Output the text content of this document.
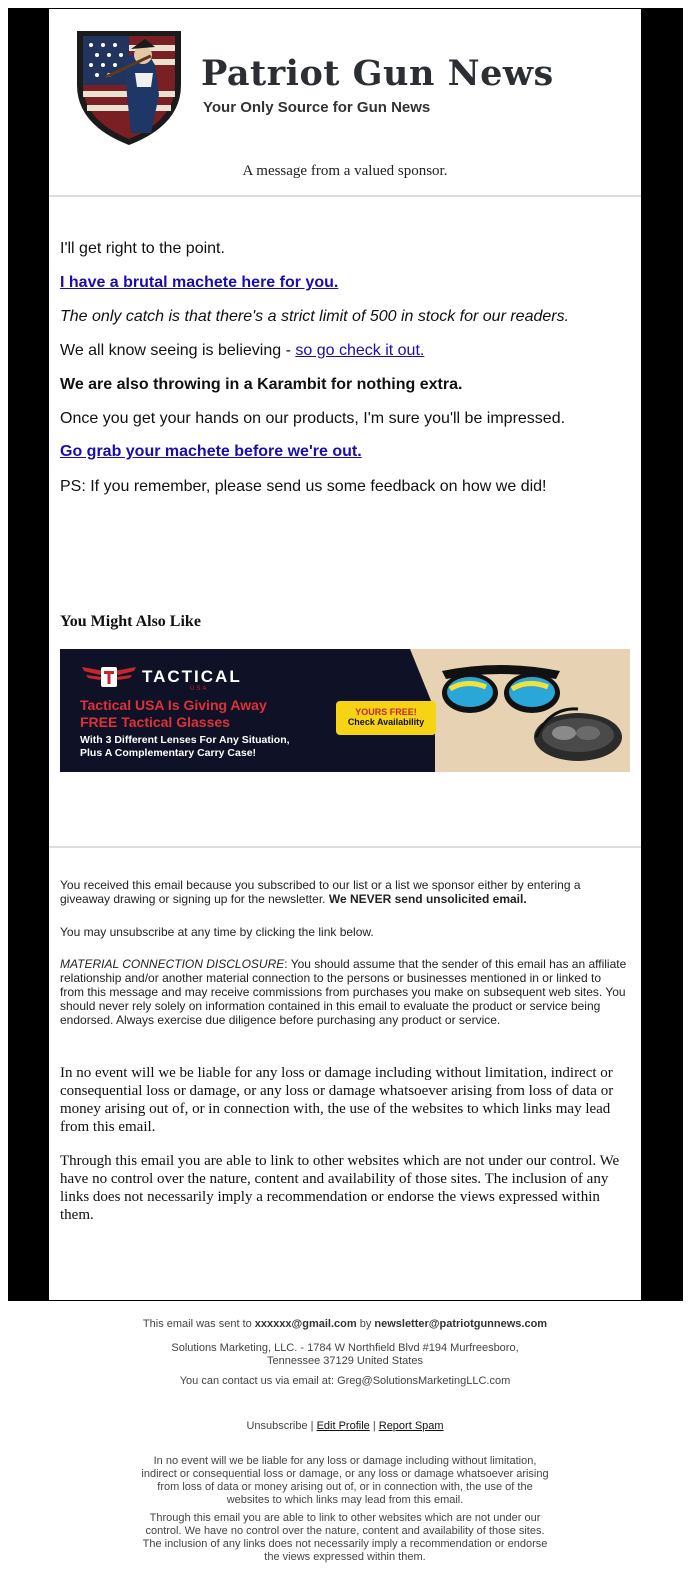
Patriot Gun News
Your Only Source for Gun News
A message from a valued sponsor.
I'll get right to the point.
I have a brutal machete here for you.
The only catch is that there's a strict limit of 500 in stock for our readers.
We all know seeing is believing - so go check it out.
We are also throwing in a Karambit for nothing extra.
Once you get your hands on our products, I'm sure you'll be impressed.
Go grab your machete before we're out.
PS: If you remember, please send us some feedback on how we did!
You Might Also Like
TACTICAL
USA
Tactical USA Is Giving Away
FREE Tactical Glasses
With 3 Different Lenses For Any Situation,
Plus A Complementary Carry Case!
YOURS FREE!
Check Availability
You received this email because you subscribed to our list or a list we sponsor either by entering a giveaway drawing or signing up for the newsletter. We NEVER send unsolicited email.
You may unsubscribe at any time by clicking the link below.
MATERIAL CONNECTION DISCLOSURE: You should assume that the sender of this email has an affiliate relationship and/or another material connection to the persons or businesses mentioned in or linked to from this message and may receive commissions from purchases you make on subsequent web sites. You should never rely solely on information contained in this email to evaluate the product or service being endorsed. Always exercise due diligence before purchasing any product or service.
In no event will we be liable for any loss or damage including without limitation, indirect or consequential loss or damage, or any loss or damage whatsoever arising from loss of data or money arising out of, or in connection with, the use of the websites to which links may lead from this email.
Through this email you are able to link to other websites which are not under our control. We have no control over the nature, content and availability of those sites. The inclusion of any links does not necessarily imply a recommendation or endorse the views expressed within them.
This email was sent to xxxxxx@gmail.com by newsletter@patriotgunnews.com
Solutions Marketing, LLC. - 1784 W Northfield Blvd #194 Murfreesboro, Tennessee 37129 United States
You can contact us via email at: Greg@SolutionsMarketingLLC.com
Unsubscribe | Edit Profile | Report Spam
In no event will we be liable for any loss or damage including without limitation, indirect or consequential loss or damage, or any loss or damage whatsoever arising from loss of data or money arising out of, or in connection with, the use of the websites to which links may lead from this email.
Through this email you are able to link to other websites which are not under our control. We have no control over the nature, content and availability of those sites. The inclusion of any links does not necessarily imply a recommendation or endorse the views expressed within them.
